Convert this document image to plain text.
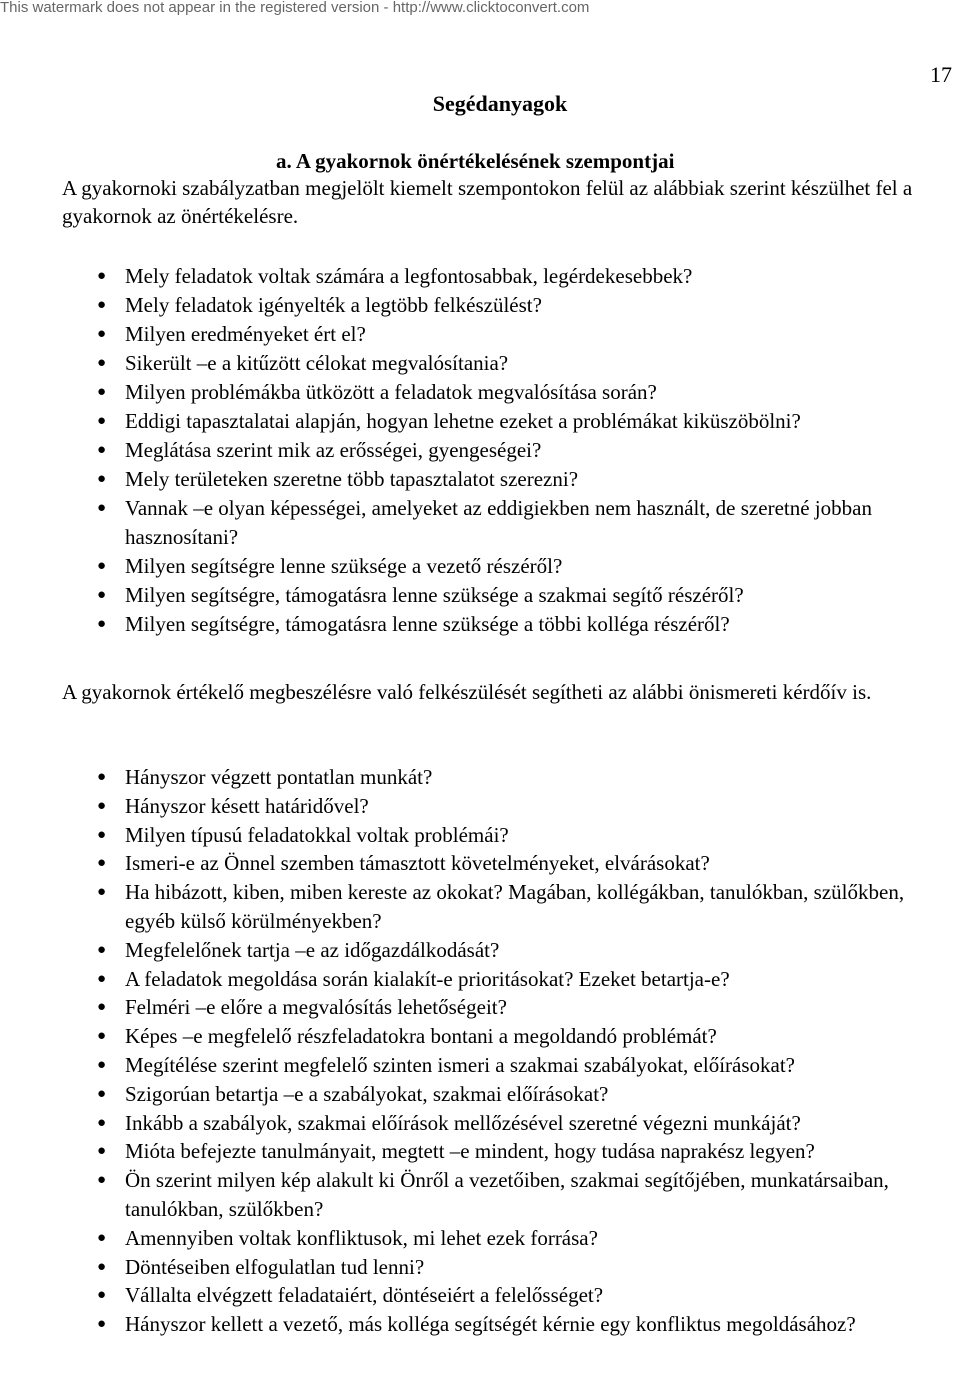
This watermark does not appear in the registered version - http://www.clicktoconvert.com
17
Segédanyagok
a. A gyakornok önértékelésének szempontjai

A gyakornoki szabályzatban megjelölt kiemelt szempontokon felül az alábbiak szerint készülhet fel a gyakornok az önértékelésre.

● Mely feladatok voltak számára a legfontosabbak, legérdekesebbek?
● Mely feladatok igényelték a legtöbb felkészülést?
● Milyen eredményeket ért el?
● Sikerült –e a kitűzött célokat megvalósítania?
● Milyen problémákba ütközött a feladatok megvalósítása során?
● Eddigi tapasztalatai alapján, hogyan lehetne ezeket a problémákat kiküszöbölni?
● Meglátása szerint mik az erősségei, gyengeségei?
● Mely területeken szeretne több tapasztalatot szerezni?
● Vannak –e olyan képességei, amelyeket az eddigiekben nem használt, de szeretné jobban hasznosítani?
● Milyen segítségre lenne szüksége a vezető részéről?
● Milyen segítségre, támogatásra lenne szüksége a szakmai segítő részéről?
● Milyen segítségre, támogatásra lenne szüksége a többi kolléga részéről?

A gyakornok értékelő megbeszélésre való felkészülését segítheti az alábbi önismereti kérdőív is.

● Hányszor végzett pontatlan munkát?
● Hányszor késett határidővel?
● Milyen típusú feladatokkal voltak problémái?
● Ismeri-e az Önnel szemben támasztott követelményeket, elvárásokat?
● Ha hibázott, kiben, miben kereste az okokat? Magában, kollégákban, tanulókban, szülőkben, egyéb külső körülményekben?
● Megfelelőnek tartja –e az időgazdálkodását?
● A feladatok megoldása során kialakít-e prioritásokat? Ezeket betartja-e?
● Felméri –e előre a megvalósítás lehetőségeit?
● Képes –e megfelelő részfeladatokra bontani a megoldandó problémát?
● Megítélése szerint megfelelő szinten ismeri a szakmai szabályokat, előírásokat?
● Szigorúan betartja –e a szabályokat, szakmai előírásokat?
● Inkább a szabályok, szakmai előírások mellőzésével szeretné végezni munkáját?
● Mióta befejezte tanulmányait, megtett –e mindent, hogy tudása naprakész legyen?
● Ön szerint milyen kép alakult ki Önről a vezetőiben, szakmai segítőjében, munkatársaiban, tanulókban, szülőkben?
● Amennyiben voltak konfliktusok, mi lehet ezek forrása?
● Döntéseiben elfogulatlan tud lenni?
● Vállalta elvégzett feladataiért, döntéseiért a felelősséget?
● Hányszor kellett a vezető, más kolléga segítségét kérnie egy konfliktus megoldásához?
